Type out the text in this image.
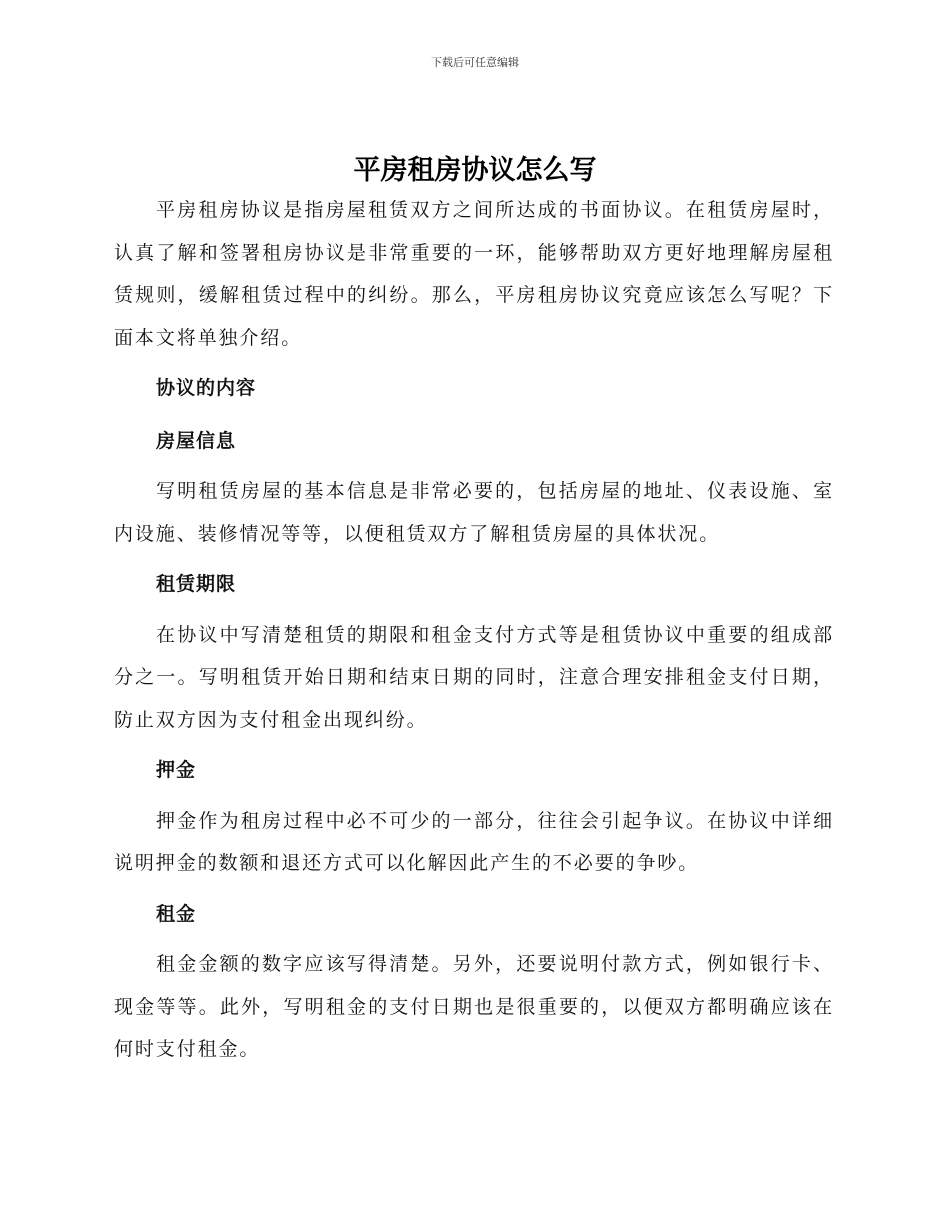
下载后可任意编辑
平房租房协议怎么写

平房租房协议是指房屋租赁双方之间所达成的书面协议。在租赁房屋时，认真了解和签署租房协议是非常重要的一环，能够帮助双方更好地理解房屋租赁规则，缓解租赁过程中的纠纷。那么，平房租房协议究竟应该怎么写呢？下面本文将单独介绍。

协议的内容

房屋信息

写明租赁房屋的基本信息是非常必要的，包括房屋的地址、仪表设施、室内设施、装修情况等等，以便租赁双方了解租赁房屋的具体状况。

租赁期限

在协议中写清楚租赁的期限和租金支付方式等是租赁协议中重要的组成部分之一。写明租赁开始日期和结束日期的同时，注意合理安排租金支付日期，防止双方因为支付租金出现纠纷。

押金

押金作为租房过程中必不可少的一部分，往往会引起争议。在协议中详细说明押金的数额和退还方式可以化解因此产生的不必要的争吵。

租金

租金金额的数字应该写得清楚。另外，还要说明付款方式，例如银行卡、现金等等。此外，写明租金的支付日期也是很重要的，以便双方都明确应该在何时支付租金。
